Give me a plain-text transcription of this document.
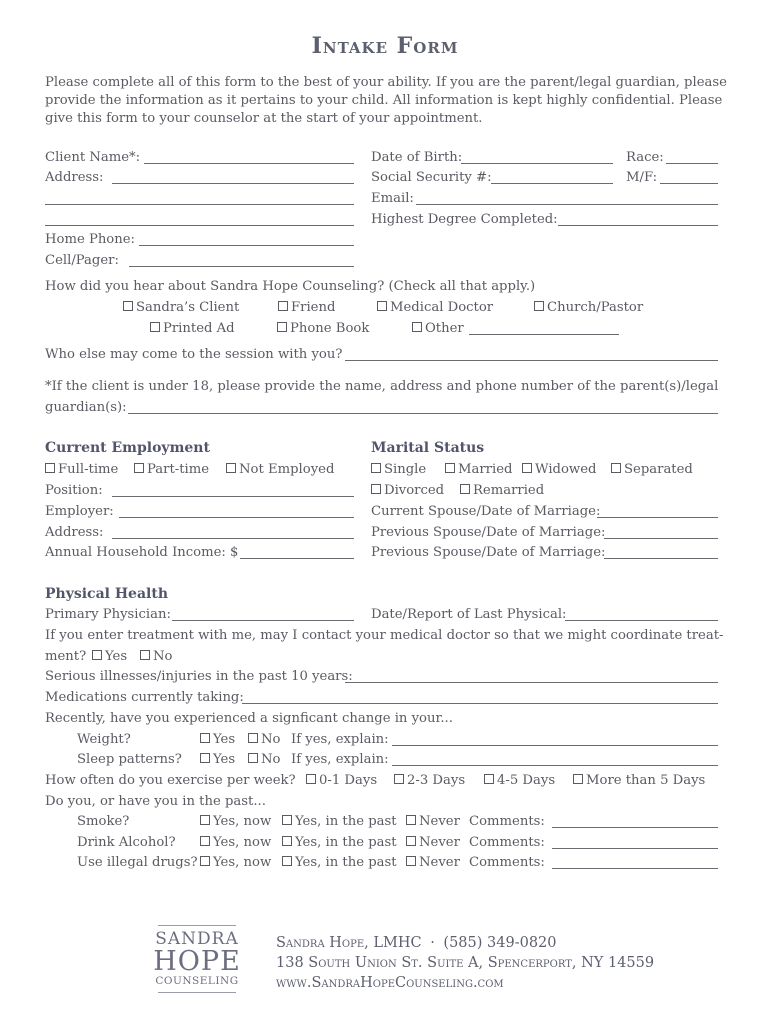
Intake Form
Please complete all of this form to the best of your ability. If you are the parent/legal guardian, please provide the information as it pertains to your child. All information is kept highly confidential. Please give this form to your counselor at the start of your appointment.
Client Name*:	Date of Birth:	Race:
Address:	Social Security #:	M/F:
Email:
Highest Degree Completed:
Home Phone:
Cell/Pager:
How did you hear about Sandra Hope Counseling? (Check all that apply.)
Sandra’s Client	Friend	Medical Doctor	Church/Pastor
Printed Ad	Phone Book	Other
Who else may come to the session with you?
*If the client is under 18, please provide the name, address and phone number of the parent(s)/legal
guardian(s):
Current Employment
Full-time	Part-time	Not Employed
Position:
Employer:
Address:
Annual Household Income: $
Marital Status
Single	Married	Widowed	Separated
Divorced	Remarried
Current Spouse/Date of Marriage:
Previous Spouse/Date of Marriage:
Previous Spouse/Date of Marriage:
Physical Health
Primary Physician:	Date/Report of Last Physical:
If you enter treatment with me, may I contact your medical doctor so that we might coordinate treat-
ment?	Yes	No
Serious illnesses/injuries in the past 10 years:
Medications currently taking:
Recently, have you experienced a signficant change in your...
Weight?	Yes	No If yes, explain:
Sleep patterns?	Yes	No If yes, explain:
How often do you exercise per week?	0-1 Days	2-3 Days	4-5 Days	More than 5 Days
Do you, or have you in the past...
Smoke?	Yes, now	Yes, in the past	Never Comments:
Drink Alcohol?	Yes, now	Yes, in the past	Never Comments:
Use illegal drugs?	Yes, now	Yes, in the past	Never Comments:
SANDRA
HOPE
COUNSELING
Sandra Hope, LMHC · (585) 349-0820
138 South Union St. Suite A, Spencerport, NY 14559
www.SandraHopeCounseling.com
